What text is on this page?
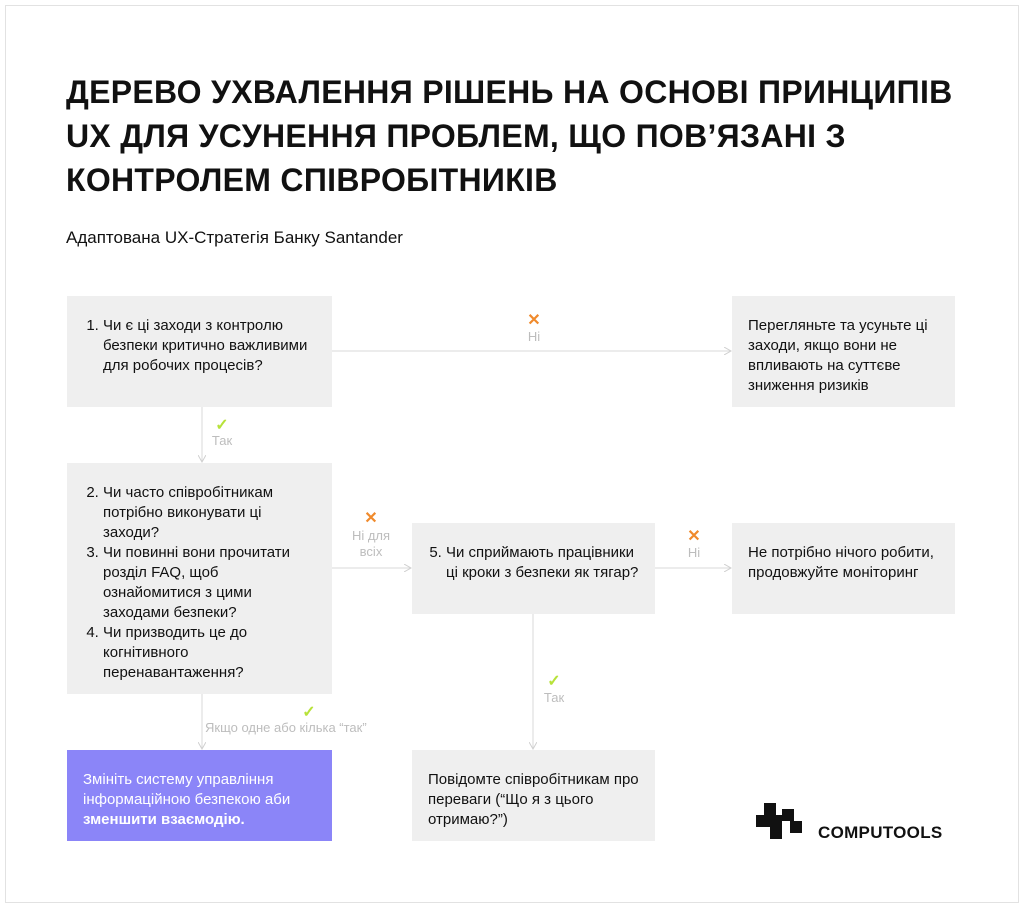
ДЕРЕВО УХВАЛЕННЯ РІШЕНЬ НА ОСНОВІ ПРИНЦИПІВ UX ДЛЯ УСУНЕННЯ ПРОБЛЕМ, ЩО ПОВ’ЯЗАНІ З КОНТРОЛЕМ СПІВРОБІТНИКІВ
Адаптована UX-Стратегія Банку Santander
1. Чи є ці заходи з контролю безпеки критично важливими для робочих процесів?

Перегляньте та усуньте ці заходи, якщо вони не впливають на суттєве зниження ризиків

2. Чи часто співробітникам потрібно виконувати ці заходи?
3. Чи повинні вони прочитати розділ FAQ, щоб ознайомитися з цими заходами безпеки?
4. Чи призводить це до когнітивного перенавантаження?
5. Чи сприймають працівники ці кроки з безпеки як тягар?

Не потрібно нічого робити, продовжуйте моніторинг

Змініть систему управління інформаційною безпекою аби зменшити взаємодію.

Повідомте співробітникам про переваги (“Що я з цього отримаю?”)

✕
Ні
✓
Так
✕
Ні для всіх
✕
Ні
✓
Так
✓
Якщо одне або кілька “так”
COMPUTOOLS
